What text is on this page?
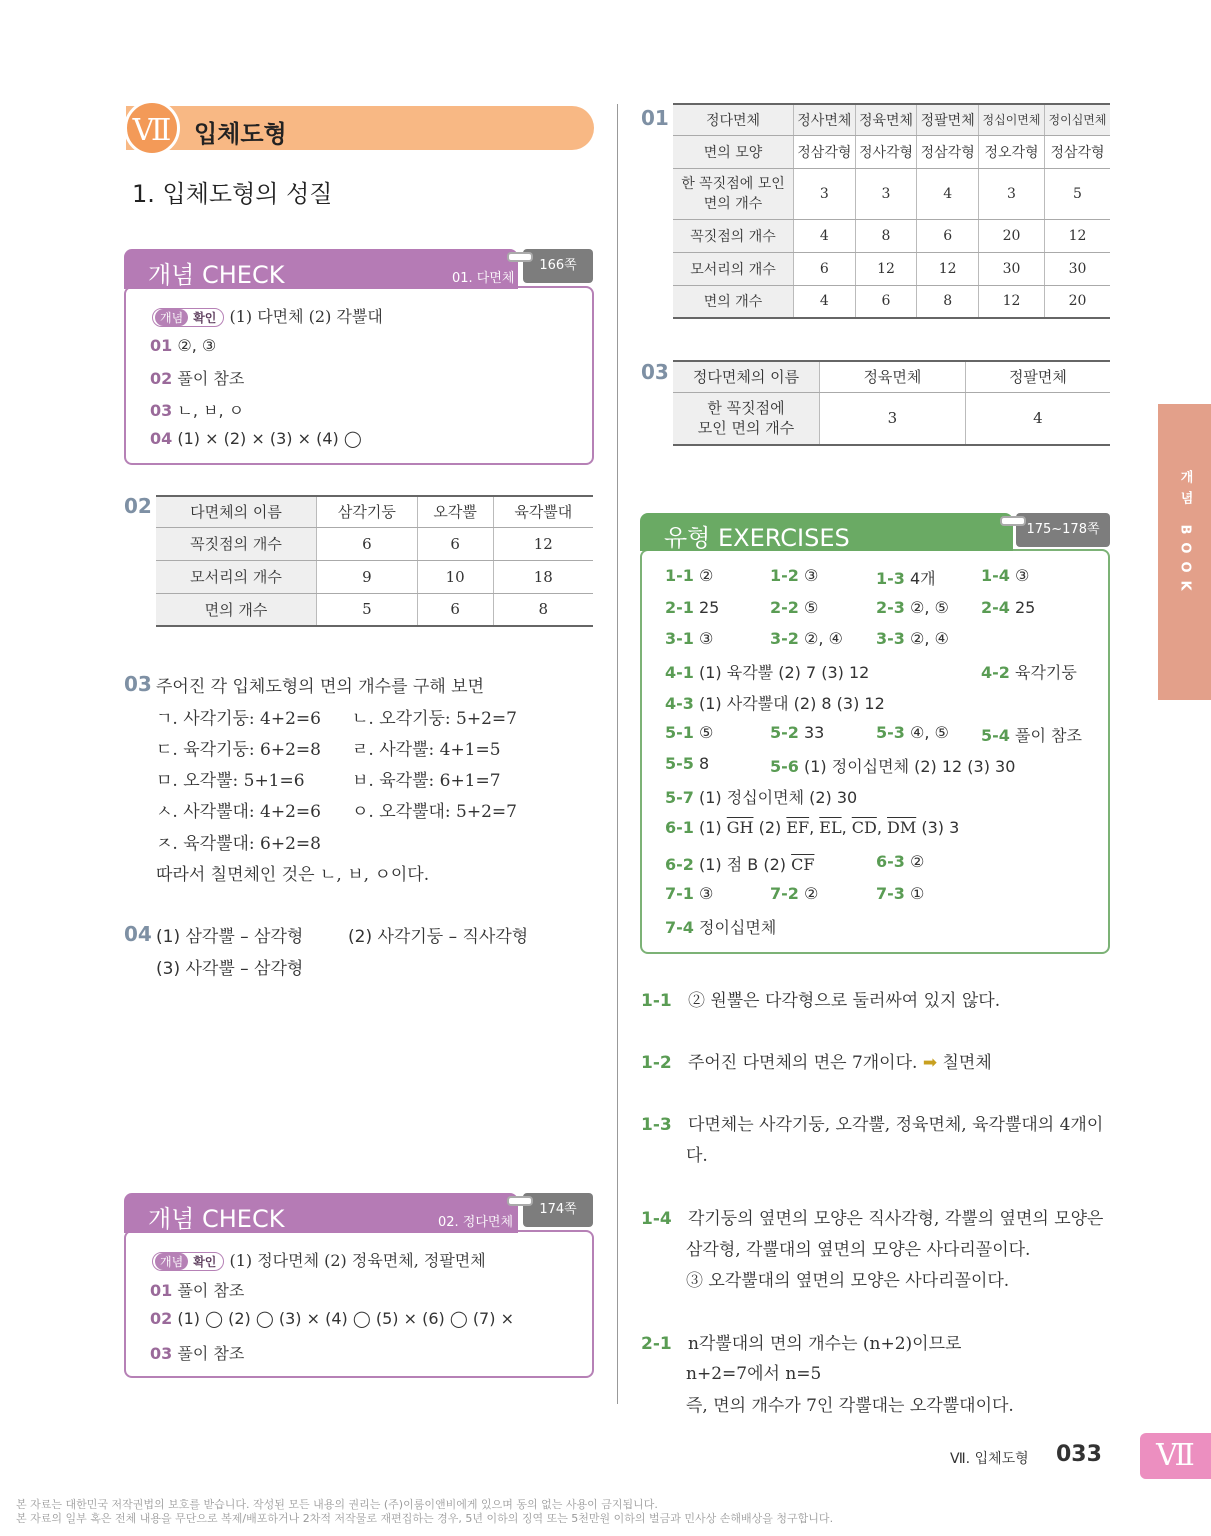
Ⅶ 입체도형
1. 입체도형의 성질
개념 CHECK	01. 다면체
166쪽
개념 확인 (1) 다면체 (2) 각뿔대
01 ②, ③
02 풀이 참조
03 ㄴ, ㅂ, ㅇ
04 (1) × (2) × (3) × (4) ◯
02	다면체의 이름	삼각기둥	오각뿔	육각뿔대
꼭짓점의 개수	6	6	12
모서리의 개수	9	10	18
면의 개수	5	6	8
03 주어진 각 입체도형의 면의 개수를 구해 보면
ㄱ. 사각기둥: 4+2=6 ㄴ. 오각기둥: 5+2=7
ㄷ. 육각기둥: 6+2=8 ㄹ. 사각뿔: 4+1=5
ㅁ. 오각뿔: 5+1=6	ㅂ. 육각뿔: 6+1=7
ㅅ. 사각뿔대: 4+2=6 ㅇ. 오각뿔대: 5+2=7
ㅈ. 육각뿔대: 6+2=8
따라서 칠면체인 것은 ㄴ, ㅂ, ㅇ이다.
04 (1) 삼각뿔 – 삼각형	(2) 사각기둥 – 직사각형
(3) 사각뿔 – 삼각형
개념 CHECK	02. 정다면체
174쪽
개념 확인 (1) 정다면체 (2) 정육면체, 정팔면체
01 풀이 참조
02 (1) ◯ (2) ◯ (3) × (4) ◯ (5) × (6) ◯ (7) ×
03 풀이 참조
01	정다면체	정사면체	정육면체	정팔면체	정십이면체	정이십면체
면의 모양	정삼각형	정사각형	정삼각형	정오각형	정삼각형
한 꼭짓점에 모인
면의 개수	3	3	4	3	5
꼭짓점의 개수	4	8	6	20	12
모서리의 개수	6	12	12	30	30
면의 개수	4	6	8	12	20
03 정다면체의 이름	정육면체	정팔면체
한 꼭짓점에
모인 면의 개수	3	4
개념 BOOK
유형 EXERCISES	175~178쪽
1-1 ②	1-2 ③	1-3 4개	1-4 ③
2-1 25	2-2 ⑤	2-3 ②, ⑤ 2-4 25
3-1 ③	3-2 ②, ④ 3-3 ②, ④
4-1 (1) 육각뿔 (2) 7 (3) 12	4-2 육각기둥
4-3 (1) 사각뿔대 (2) 8 (3) 12
5-1 ⑤	5-2 33	5-3 ④, ⑤ 5-4 풀이 참조
5-5 8	5-6 (1) 정이십면체 (2) 12 (3) 30
5-7 (1) 정십이면체 (2) 30
6-1 (1) $\overline{GH}$ (2) $\overline{EF}$, $\overline{EL}$, $\overline{CD}$, $\overline{DM}$ (3) 3
6-2 (1) 점 B (2) $\overline{CF}$	6-3 ②
7-1 ③	7-2 ②	7-3 ①
7-4 정이십면체
1-1 ② 원뿔은 다각형으로 둘러싸여 있지 않다.
1-2 주어진 다면체의 면은 7개이다. ➡ 칠면체
1-3 다면체는 사각기둥, 오각뿔, 정육면체, 육각뿔대의 4개이
다.
1-4 각기둥의 옆면의 모양은 직사각형, 각뿔의 옆면의 모양은
삼각형, 각뿔대의 옆면의 모양은 사다리꼴이다.
③ 오각뿔대의 옆면의 모양은 사다리꼴이다.
2-1 n각뿔대의 면의 개수는 (n+2)이므로
n+2=7에서 n=5
즉, 면의 개수가 7인 각뿔대는 오각뿔대이다.
Ⅶ. 입체도형 033	Ⅶ
본 자료는 대한민국 저작권법의 보호를 받습니다. 작성된 모든 내용의 권리는 (주)이룸이앤비에게 있으며 동의 없는 사용이 금지됩니다.
본 자료의 일부 혹은 전체 내용을 무단으로 복제/배포하거나 2차적 저작물로 재편집하는 경우, 5년 이하의 징역 또는 5천만원 이하의 벌금과 민사상 손해배상을 청구합니다.
